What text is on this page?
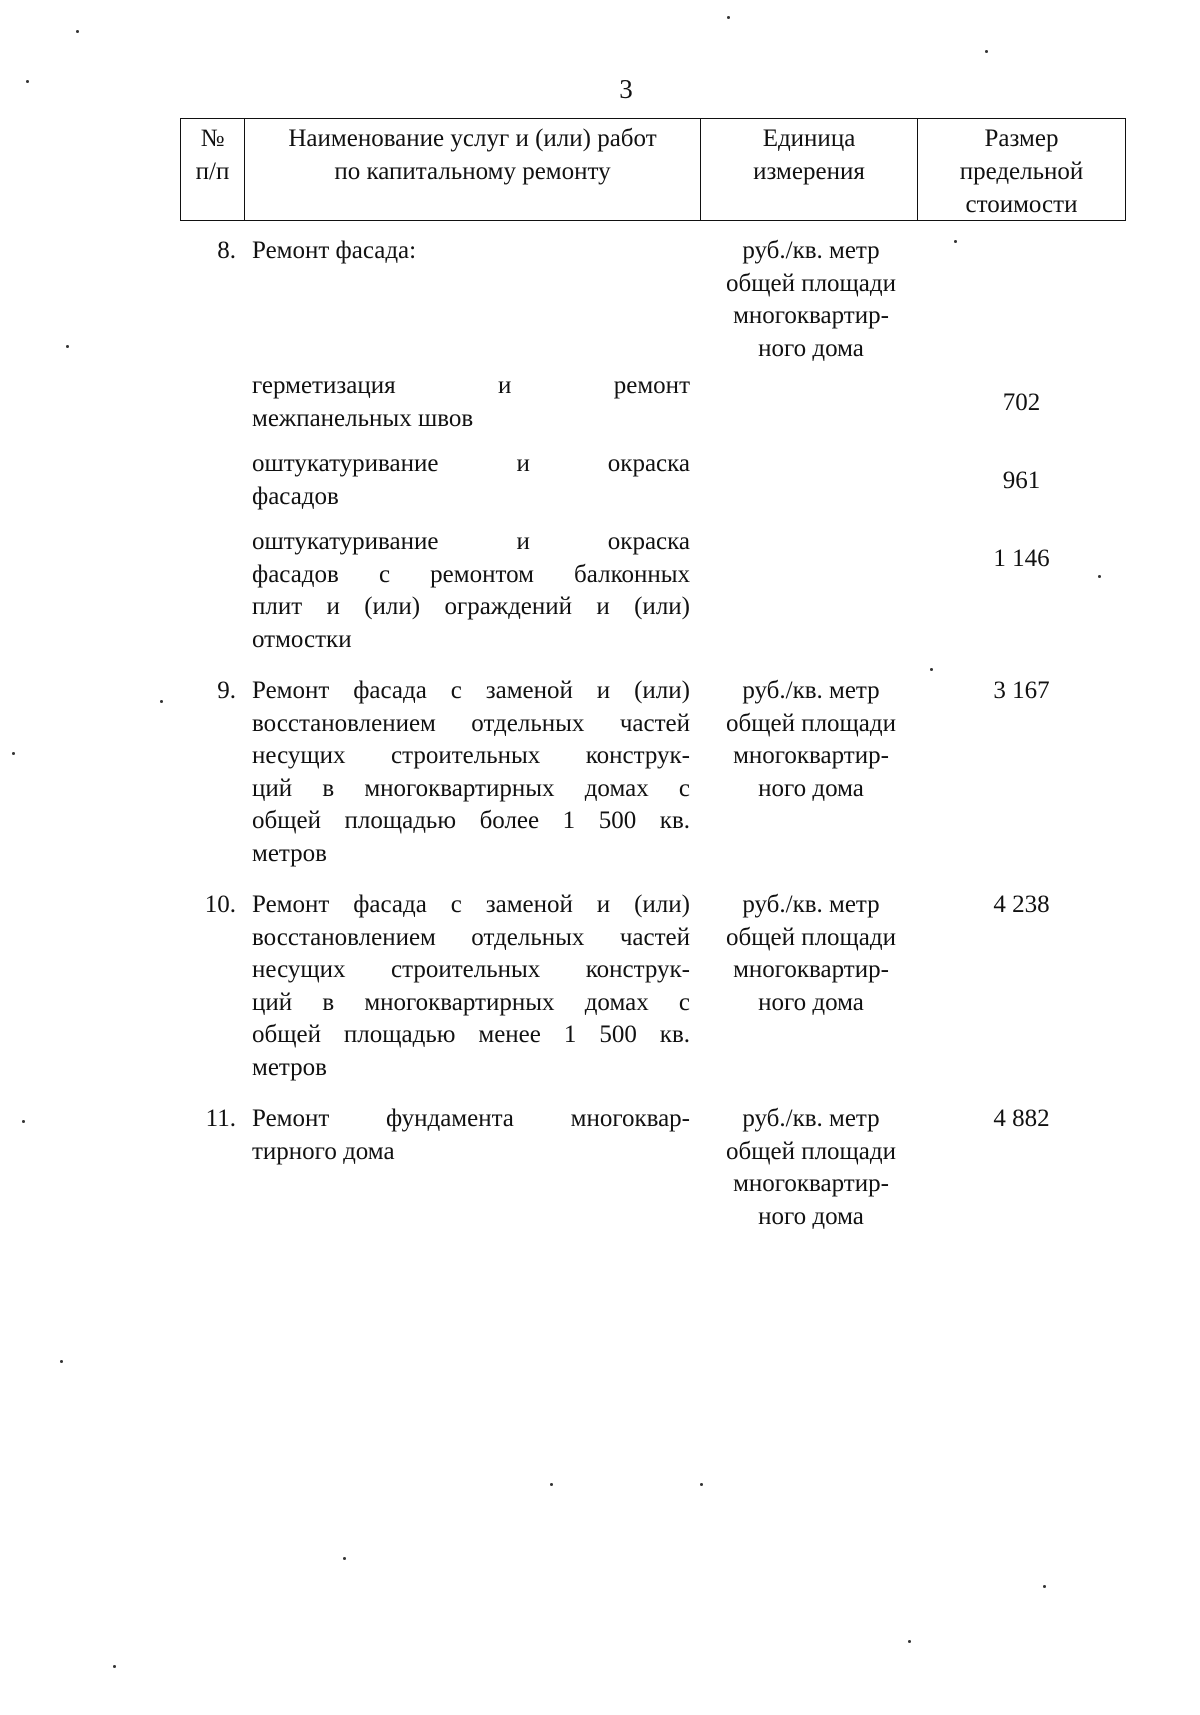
3
№
п/п
Наименование услуг и (или) работ
по капитальному ремонту
Единица
измерения
Размер
предельной
стоимости
8. Ремонт фасада:	руб./кв. метр
общей площади
многоквартир-
ного дома
герметизация и ремонт
межпанельных швов
702
оштукатуривание и окраска
фасадов
961
оштукатуривание и окраска
фасадов с ремонтом балконных
плит и (или) ограждений и (или)
отмостки
1 146
9. Ремонт фасада с заменой и (или)
восстановлением отдельных частей
несущих строительных конструк-
ций в многоквартирных домах с
общей площадью более 1 500 кв.
метров
руб./кв. метр
общей площади
многоквартир-
ного дома
3 167
10. Ремонт фасада с заменой и (или)
восстановлением отдельных частей
несущих строительных конструк-
ций в многоквартирных домах с
общей площадью менее 1 500 кв.
метров
руб./кв. метр
общей площади
многоквартир-
ного дома
4 238
11. Ремонт фундамента многоквар-
тирного дома
руб./кв. метр
общей площади
многоквартир-
ного дома
4 882
